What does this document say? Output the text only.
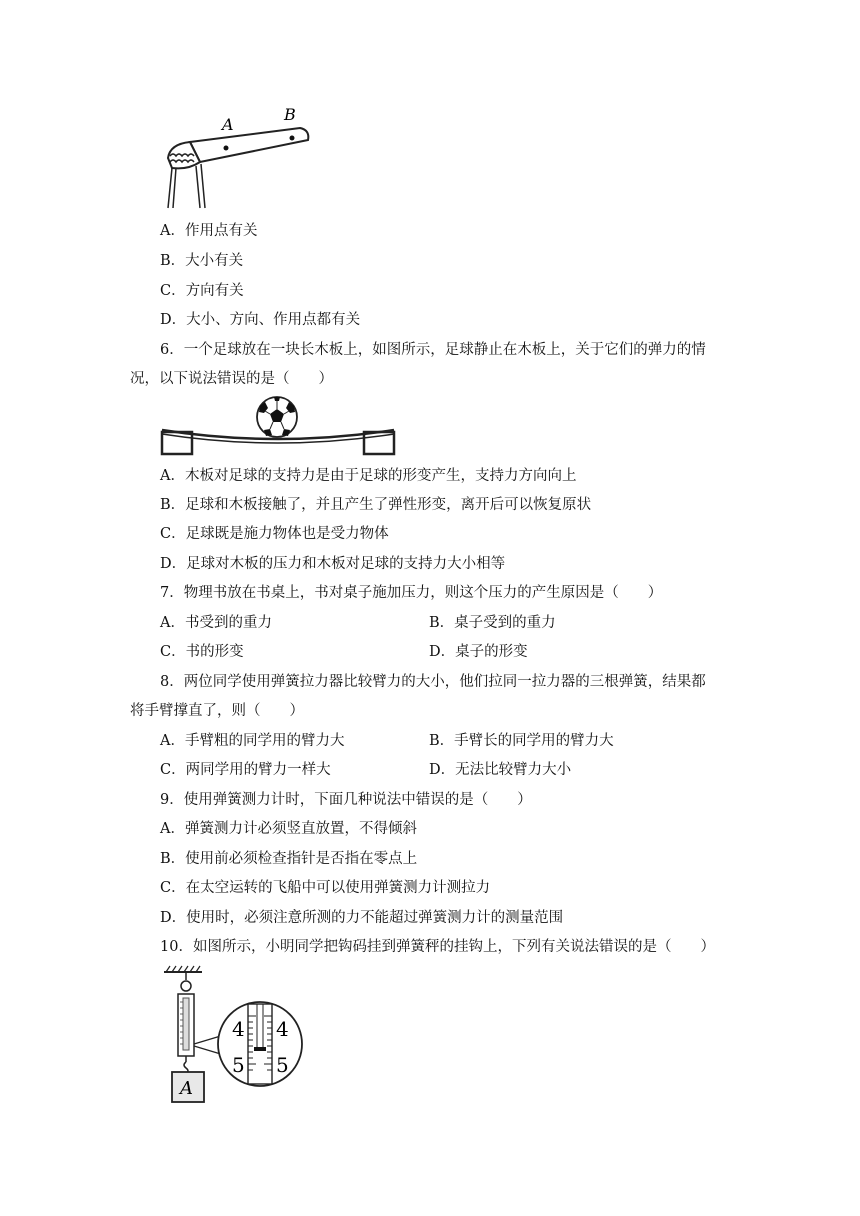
A
B
A．作用点有关
B．大小有关
C．方向有关
D．大小、方向、作用点都有关
6．一个足球放在一块长木板上，如图所示，足球静止在木板上，关于它们的弹力的情
况，以下说法错误的是（　　）
A．木板对足球的支持力是由于足球的形变产生，支持力方向向上
B．足球和木板接触了，并且产生了弹性形变，离开后可以恢复原状
C．足球既是施力物体也是受力物体
D．足球对木板的压力和木板对足球的支持力大小相等
7．物理书放在书桌上，书对桌子施加压力，则这个压力的产生原因是（　　）
A．书受到的重力	B．桌子受到的重力
C．书的形变	D．桌子的形变
8．两位同学使用弹簧拉力器比较臂力的大小，他们拉同一拉力器的三根弹簧，结果都
将手臂撑直了，则（　　）
A．手臂粗的同学用的臂力大	B．手臂长的同学用的臂力大
C．两同学用的臂力一样大	D．无法比较臂力大小
9．使用弹簧测力计时，下面几种说法中错误的是（　　）
A．弹簧测力计必须竖直放置，不得倾斜
B．使用前必须检查指针是否指在零点上
C．在太空运转的飞船中可以使用弹簧测力计测拉力
D．使用时，必须注意所测的力不能超过弹簧测力计的测量范围
10．如图所示，小明同学把钩码挂到弹簧秤的挂钩上，下列有关说法错误的是（　　）
A
4 4
5 5
